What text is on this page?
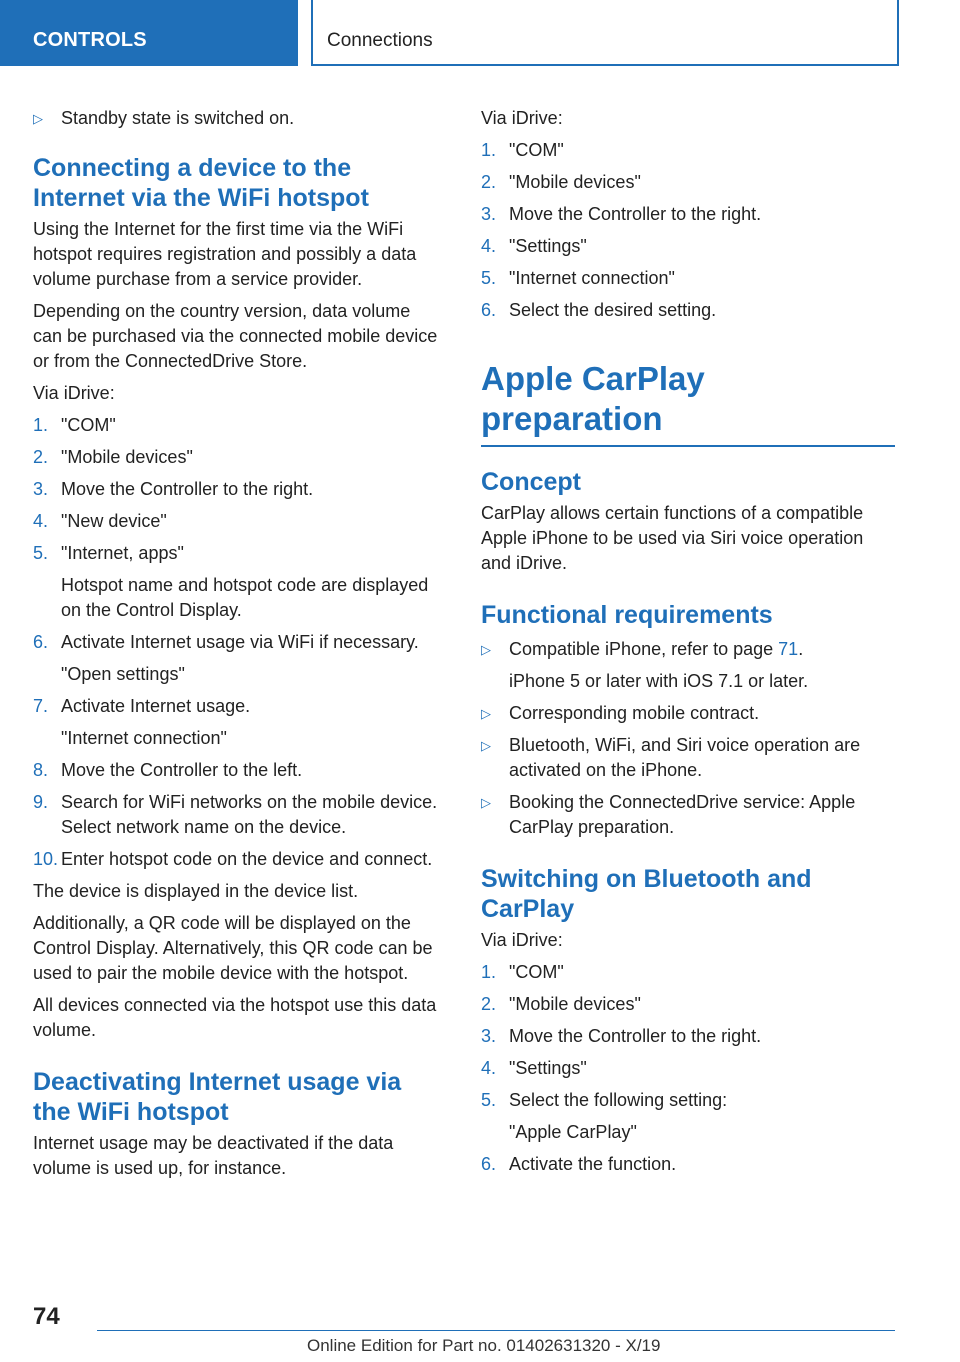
CONTROLS	Connections
▷ Standby state is switched on.
Connecting a device to the Internet via the WiFi hotspot

Using the Internet for the first time via the WiFi hotspot requires registration and possibly a data volume purchase from a service provider.

Depending on the country version, data volume can be purchased via the connected mobile device or from the ConnectedDrive Store.

Via iDrive:

1. "COM"
2. "Mobile devices"
3. Move the Controller to the right.
4. "New device"
5. "Internet, apps"
Hotspot name and hotspot code are displayed on the Control Display.
6. Activate Internet usage via WiFi if necessary.
"Open settings"
7. Activate Internet usage.
"Internet connection"
8. Move the Controller to the left.
9. Search for WiFi networks on the mobile device. Select network name on the device.
10. Enter hotspot code on the device and connect.

The device is displayed in the device list.

Additionally, a QR code will be displayed on the Control Display. Alternatively, this QR code can be used to pair the mobile device with the hotspot.

All devices connected via the hotspot use this data volume.

Deactivating Internet usage via the WiFi hotspot

Internet usage may be deactivated if the data volume is used up, for instance.

Via iDrive:

1. "COM"
2. "Mobile devices"
3. Move the Controller to the right.
4. "Settings"
5. "Internet connection"
6. Select the desired setting.
Apple CarPlay preparation
Concept

CarPlay allows certain functions of a compatible Apple iPhone to be used via Siri voice operation and iDrive.

Functional requirements
▷ Compatible iPhone, refer to page 71.
iPhone 5 or later with iOS 7.1 or later.
▷ Corresponding mobile contract.
▷ Bluetooth, WiFi, and Siri voice operation are activated on the iPhone.
▷ Booking the ConnectedDrive service: Apple CarPlay preparation.
Switching on Bluetooth and CarPlay

Via iDrive:

1. "COM"
2. "Mobile devices"
3. Move the Controller to the right.
4. "Settings"
5. Select the following setting:
"Apple CarPlay"
6. Activate the function.
74
Online Edition for Part no. 01402631320 - X/19
